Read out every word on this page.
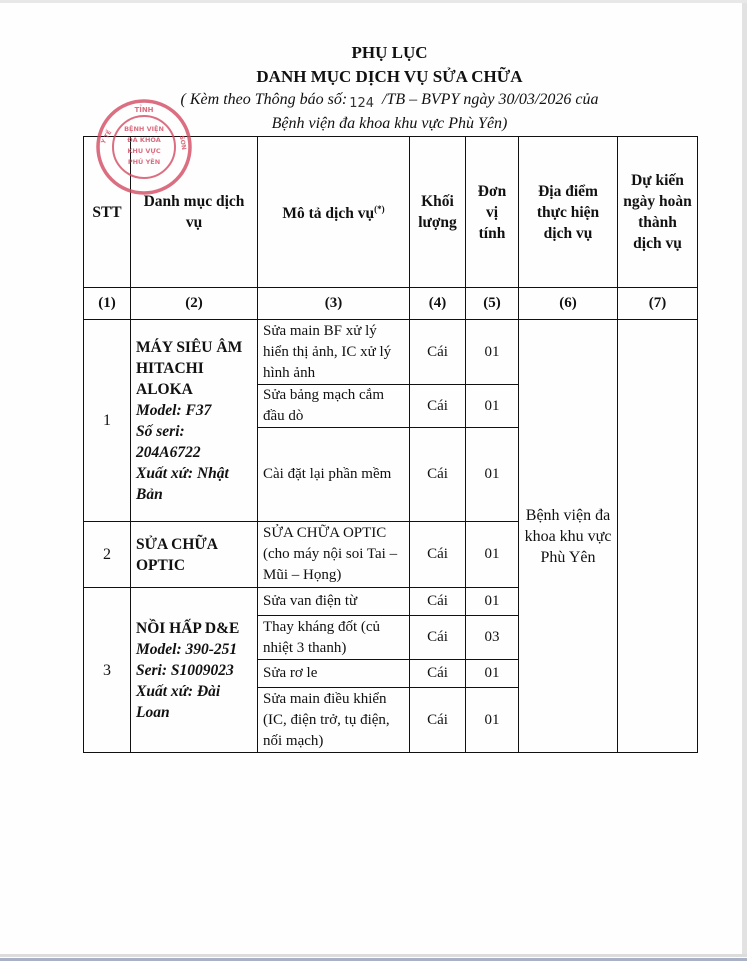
PHỤ LỤC
DANH MỤC DỊCH VỤ SỬA CHỮA
( Kèm theo Thông báo số: 124 /TB – BVPY ngày 30/03/2026 của
Bệnh viện đa khoa khu vực Phù Yên)
STT	Danh mục dịch vụ	Mô tả dịch vụ(*)	Khối lượng	Đơn vị tính	Địa điểm thực hiện dịch vụ	Dự kiến ngày hoàn thành dịch vụ
(1)	(2)	(3)	(4)	(5)	(6)	(7)
1	MÁY SIÊU ÂM HITACHI ALOKA
Model: F37
Số seri: 204A6722
Xuất xứ: Nhật Bản	Sửa main BF xử lý hiển thị ảnh, IC xử lý hình ảnh	Cái	01	Bệnh viện đa khoa khu vực Phù Yên	
		Sửa bảng mạch cắm đầu dò	Cái	01		
		Cài đặt lại phần mềm	Cái	01		
2	SỬA CHỮA OPTIC	SỬA CHỮA OPTIC (cho máy nội soi Tai – Mũi – Họng)	Cái	01		
3	NỒI HẤP D&E
Model: 390-251
Seri: S1009023
Xuất xứ: Đài Loan	Sửa van điện từ	Cái	01		
		Thay kháng đốt (củ nhiệt 3 thanh)	Cái	03		
		Sửa rơ le	Cái	01		
		Sửa main điều khiển (IC, điện trở, tụ điện, nối mạch)	Cái	01		
TỈNH
Y TẾ	SƠN
BỆNH VIỆN
ĐA KHOA
KHU VỰC
PHÚ YÊN
